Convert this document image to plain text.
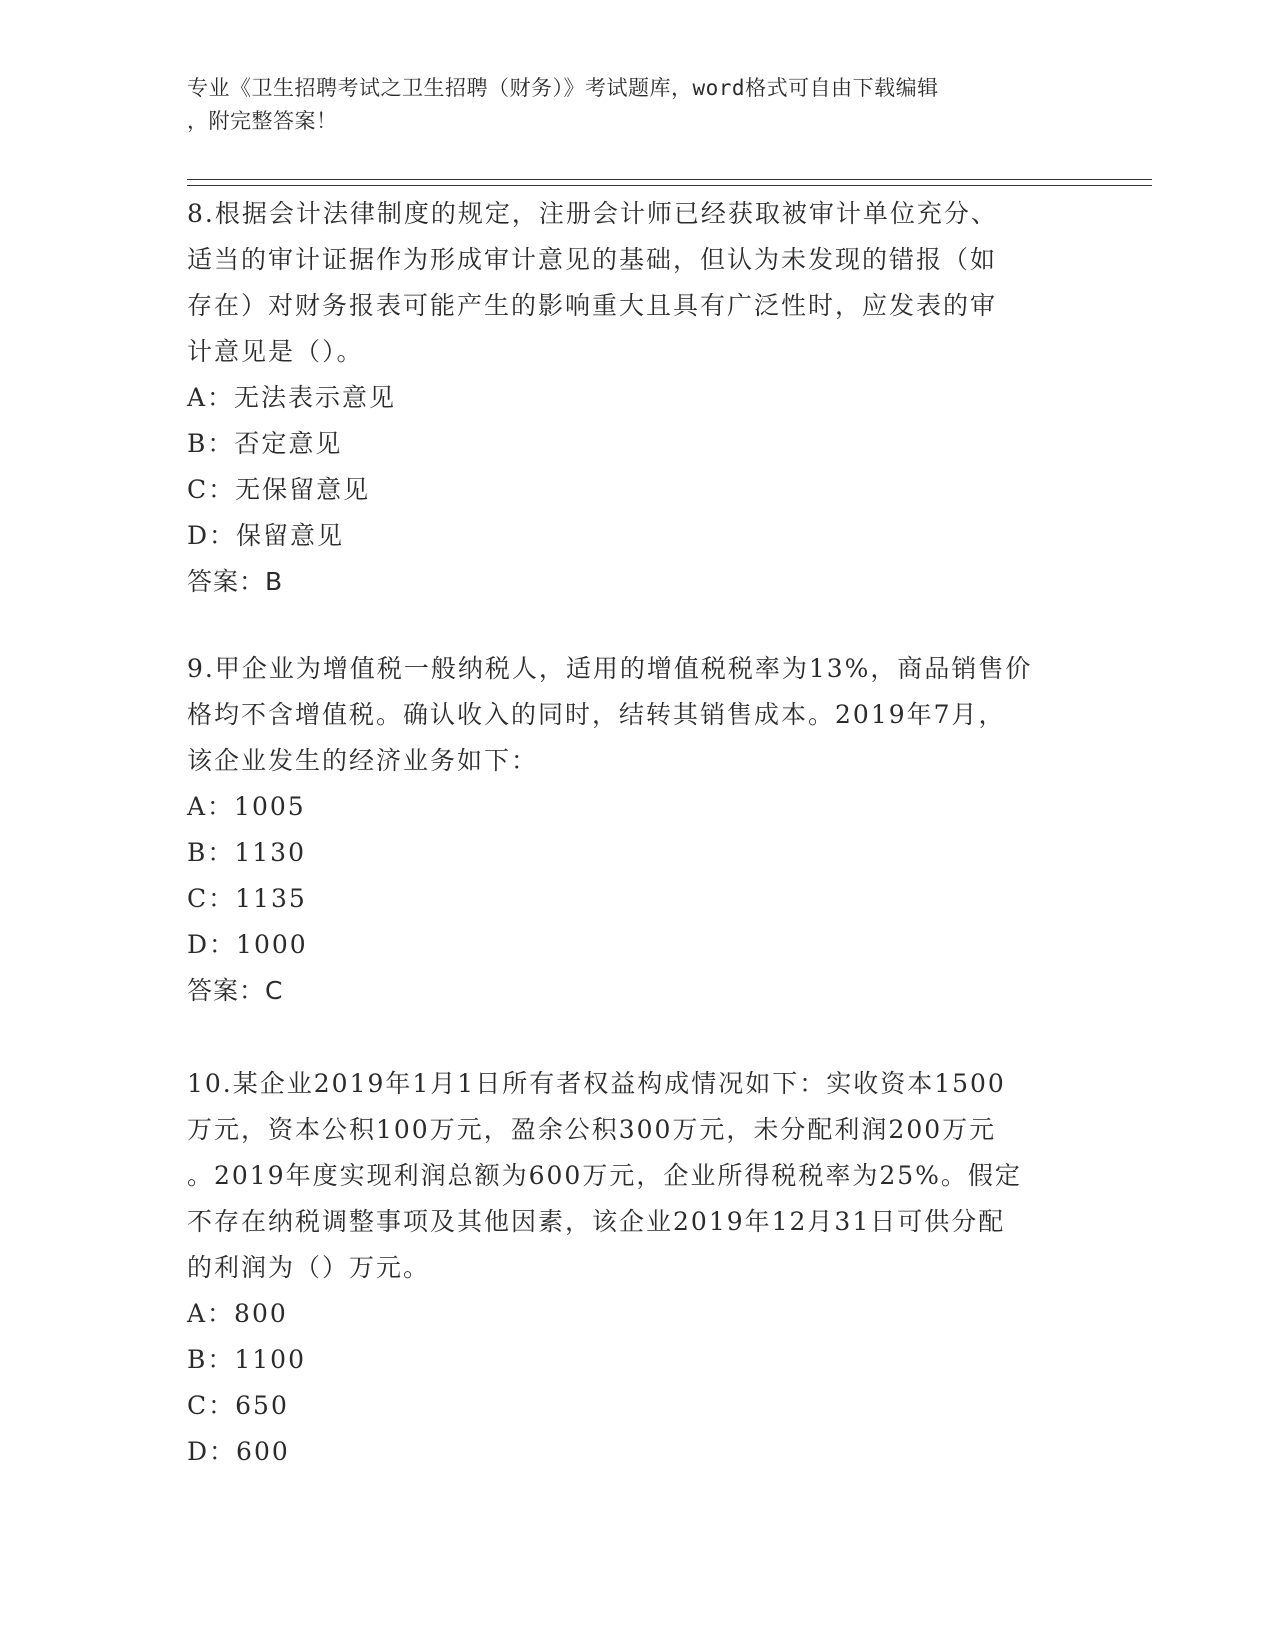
专业《卫生招聘考试之卫生招聘（财务）》考试题库，word格式可自由下载编辑
，附完整答案！
8.根据会计法律制度的规定，注册会计师已经获取被审计单位充分、
适当的审计证据作为形成审计意见的基础，但认为未发现的错报（如
存在）对财务报表可能产生的影响重大且具有广泛性时，应发表的审
计意见是（）。
A：无法表示意见
B：否定意见
C：无保留意见
D：保留意见
答案：B
9.甲企业为增值税一般纳税人，适用的增值税税率为13%，商品销售价
格均不含增值税。确认收入的同时，结转其销售成本。2019年7月，
该企业发生的经济业务如下：
A：1005
B：1130
C：1135
D：1000
答案：C
10.某企业2019年1月1日所有者权益构成情况如下：实收资本1500
万元，资本公积100万元，盈余公积300万元，未分配利润200万元
。2019年度实现利润总额为600万元，企业所得税税率为25%。假定
不存在纳税调整事项及其他因素，该企业2019年12月31日可供分配
的利润为（）万元。
A：800
B：1100
C：650
D：600
